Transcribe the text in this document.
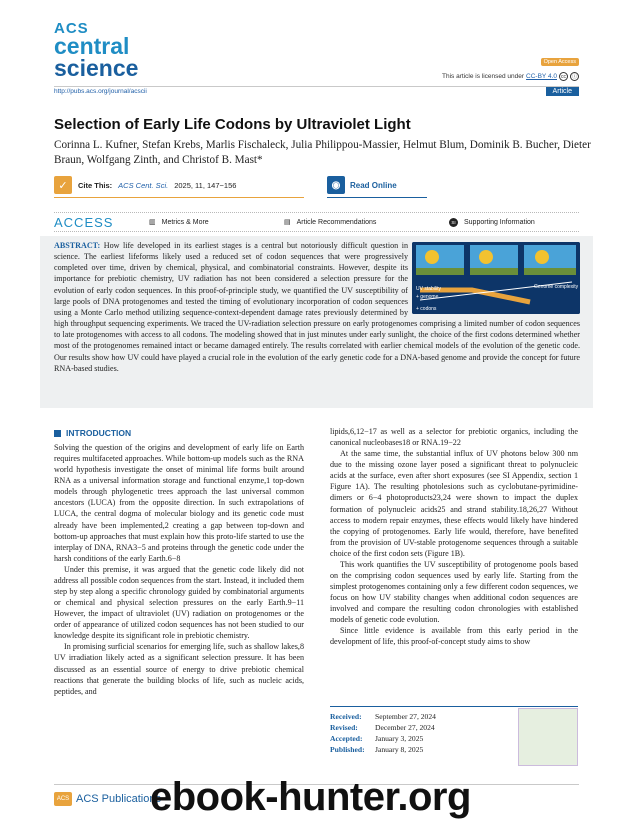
ACS
central
science	Open Access
This article is licensed under CC-BY 4.0 cc	ⓘ
http://pubs.acs.org/journal/acscii	Article
Selection of Early Life Codons by Ultraviolet Light
Corinna L. Kufner, Stefan Krebs, Marlis Fischaleck, Julia Philippou-Massier, Helmut Blum, Dominik B. Bucher, Dieter Braun, Wolfgang Zinth, and Christof B. Mast*
✓	Cite This: ACS Cent. Sci. 2025, 11, 147−156	◉	Read Online
ACCESS	▥ Metrics & More	▤ Article Recommendations	SI	Supporting Information
UV stability
+ genome
+ codons
Genome complexity
ABSTRACT: How life developed in its earliest stages is a central but notoriously difficult question in science. The earliest lifeforms likely used a reduced set of codon sequences that were progressively completed over time, driven by chemical, physical, and combinatorial constraints. However, despite its importance for prebiotic chemistry, UV radiation has not been considered a selection pressure for the evolution of early codon sequences. In this proof-of-principle study, we quantified the UV susceptibility of large pools of DNA protogenomes and tested the timing of evolutionary incorporation of codon sequences using a Monte Carlo method utilizing sequence-context-dependent damage rates previously determined by high throughput sequencing experiments. We traced the UV-radiation selection pressure on early protogenomes comprising a limited number of codon sequences to late protogenomes with access to all codons. The modeling showed that in just minutes under early sunlight, the choice of the first codons determined whether most of the protogenomes remained intact or became damaged entirely. The results correlated with earlier chemical models of the evolution of the genetic code. Our results show how UV could have played a crucial role in the evolution of the early genetic code for a DNA-based genome and provide the concept for future RNA-based studies.
INTRODUCTION

Solving the question of the origins and development of early life on Earth requires multifaceted approaches. While bottom-up models such as the RNA world hypothesis investigate the onset of minimal life forms built around RNA as a universal information storage and functional enzyme,1 top-down models through phylogenetic trees approach the last universal common ancestors (LUCA) from the opposite direction. In such extrapolations of LUCA, the central dogma of molecular biology and its genetic code must already have been implemented,2 creating a gap between top-down and bottom-up approaches that must explain how this proto-life started to use the interplay of DNA, RNA3−5 and proteins through the genetic code under the harsh conditions of the early Earth.6−8

Under this premise, it was argued that the genetic code likely did not address all possible codon sequences from the start. Instead, it included them step by step along a specific chronology guided by combinatorial arguments or chemical and physical selection pressures on the early Earth.9−11 However, the impact of ultraviolet (UV) radiation on protogenomes or the order of appearance of utilized codon sequences has not been studied to our knowledge despite its significant role in prebiotic chemistry.

In promising surficial scenarios for emerging life, such as shallow lakes,8 UV irradiation likely acted as a significant selection pressure. It has been discussed as an essential source of energy to drive prebiotic chemical reactions that generate the building blocks of life, such as nucleic acids, peptides, and

lipids,6,12−17 as well as a selector for prebiotic organics, including the canonical nucleobases18 or RNA.19−22

At the same time, the substantial influx of UV photons below 300 nm due to the missing ozone layer posed a significant threat to polynucleic acids at the surface, even after short exposures (see SI Appendix, section 1 Figure 1A). The resulting photolesions such as cyclobutane-pyrimidine-dimers or 6−4 photoproducts23,24 were shown to impact the duplex formation of polynucleic acids25 and strand stability.18,26,27 Without access to modern repair enzymes, these effects would likely have hindered the copying of protogenomes. Early life would, therefore, have benefited from the provision of UV-stable protogenome sequences through a suitable choice of the first codon sets (Figure 1B).

This work quantifies the UV susceptibility of protogenome pools based on the comprising codon sequences used by early life. Starting from the simplest protogenomes containing only a few different codon sequences, we focus on how UV stability changes when additional codon sequences are involved and compare the resulting codon chronologies with established models of genetic code evolution.

Since little evidence is available from this early period in the development of life, this proof-of-concept study aims to show

Received: September 27, 2024
Revised: December 27, 2024
Accepted: January 3, 2025
Published: January 8, 2025
ACS ACS Publications
ebook-hunter.org
